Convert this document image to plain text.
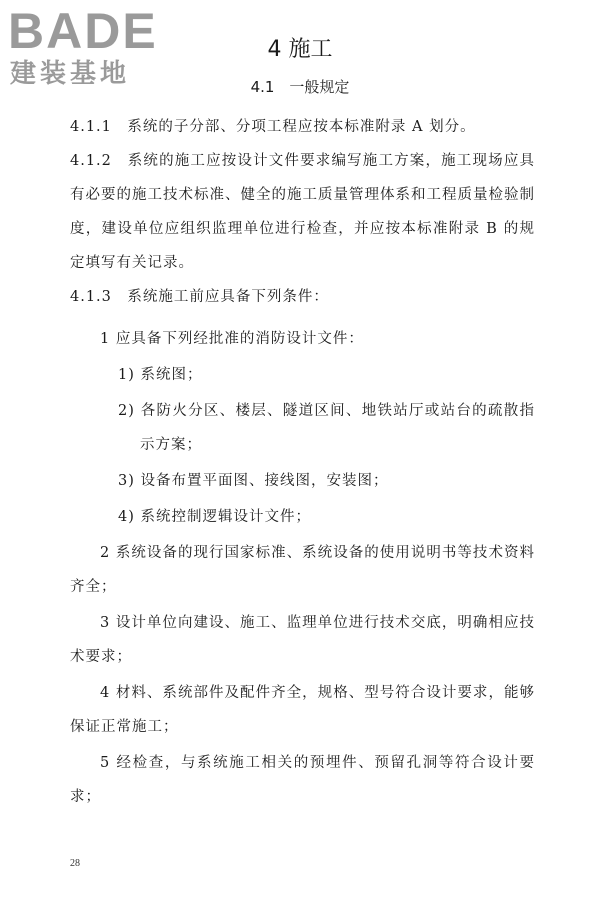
BADE
建装基地
4 施工
4.1　一般规定

4.1.1　系统的子分部、分项工程应按本标准附录 A 划分。

4.1.2　系统的施工应按设计文件要求编写施工方案，施工现场应具有必要的施工技术标准、健全的施工质量管理体系和工程质量检验制度，建设单位应组织监理单位进行检查，并应按本标准附录 B 的规定填写有关记录。

4.1.3　系统施工前应具备下列条件：

1 应具备下列经批准的消防设计文件：

1) 系统图；

2) 各防火分区、楼层、隧道区间、地铁站厅或站台的疏散指示方案；

3) 设备布置平面图、接线图，安装图；

4) 系统控制逻辑设计文件；

2 系统设备的现行国家标准、系统设备的使用说明书等技术资料齐全；

3 设计单位向建设、施工、监理单位进行技术交底，明确相应技术要求；

4 材料、系统部件及配件齐全，规格、型号符合设计要求，能够保证正常施工；

5 经检查，与系统施工相关的预埋件、预留孔洞等符合设计要求；

28
